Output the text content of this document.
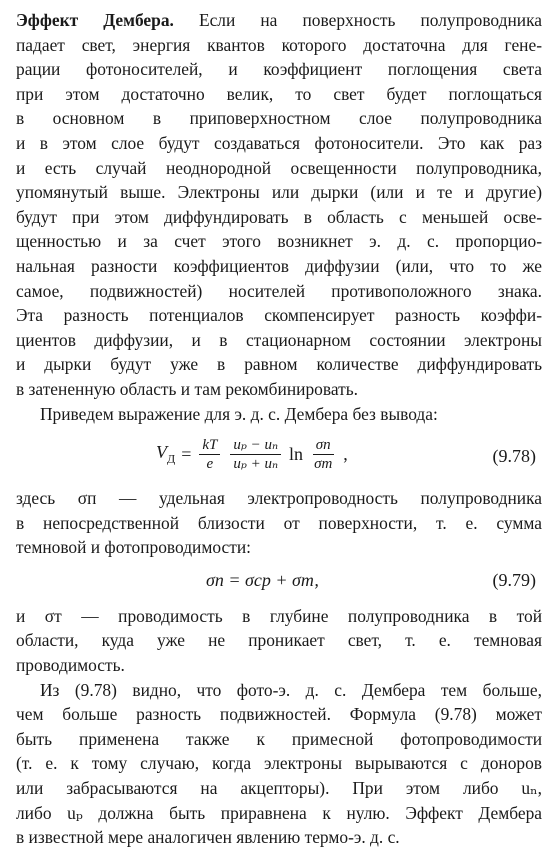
Эффект Дембера. Если на поверхность полупроводника
падает свет, энергия квантов которого достаточна для гене-
рации фотоносителей, и коэффициент поглощения света
при этом достаточно велик, то свет будет поглощаться
в основном в приповерхностном слое полупроводника
и в этом слое будут создаваться фотоносители. Это как раз
и есть случай неоднородной освещенности полупроводника,
упомянутый выше. Электроны или дырки (или и те и другие)
будут при этом диффундировать в область с меньшей осве-
щенностью и за счет этого возникнет э. д. с. пропорцио-
нальная разности коэффициентов диффузии (или, что то же
самое, подвижностей) носителей противоположного знака.
Эта разность потенциалов скомпенсирует разность коэффи-
циентов диффузии, и в стационарном состоянии электроны
и дырки будут уже в равном количестве диффундировать
в затененную область и там рекомбинировать.

Приведем выражение для э. д. с. Дембера без вывода:

$V_Д = \frac{kT}{e} \frac{\text{uₚ − uₙ}}{\text{uₚ + uₙ}}$ $\ln \frac{\sigma п}{\sigma т}$ ,	(9.78)

здесь σп — удельная электропроводность полупроводника
в непосредственной близости от поверхности, т. е. сумма
темновой и фотопроводимости:

σп = σср + σт,	(9.79)

и σт — проводимость в глубине полупроводника в той
области, куда уже не проникает свет, т. е. темновая
проводимость.

Из (9.78) видно, что фото-э. д. с. Дембера тем больше,
чем больше разность подвижностей. Формула (9.78) может
быть применена также к примесной фотопроводимости
(т. е. к тому случаю, когда электроны вырываются с доноров
или забрасываются на акцепторы). При этом либо uₙ,
либо uₚ должна быть приравнена к нулю. Эффект Дембера
в известной мере аналогичен явлению термо-э. д. с.
